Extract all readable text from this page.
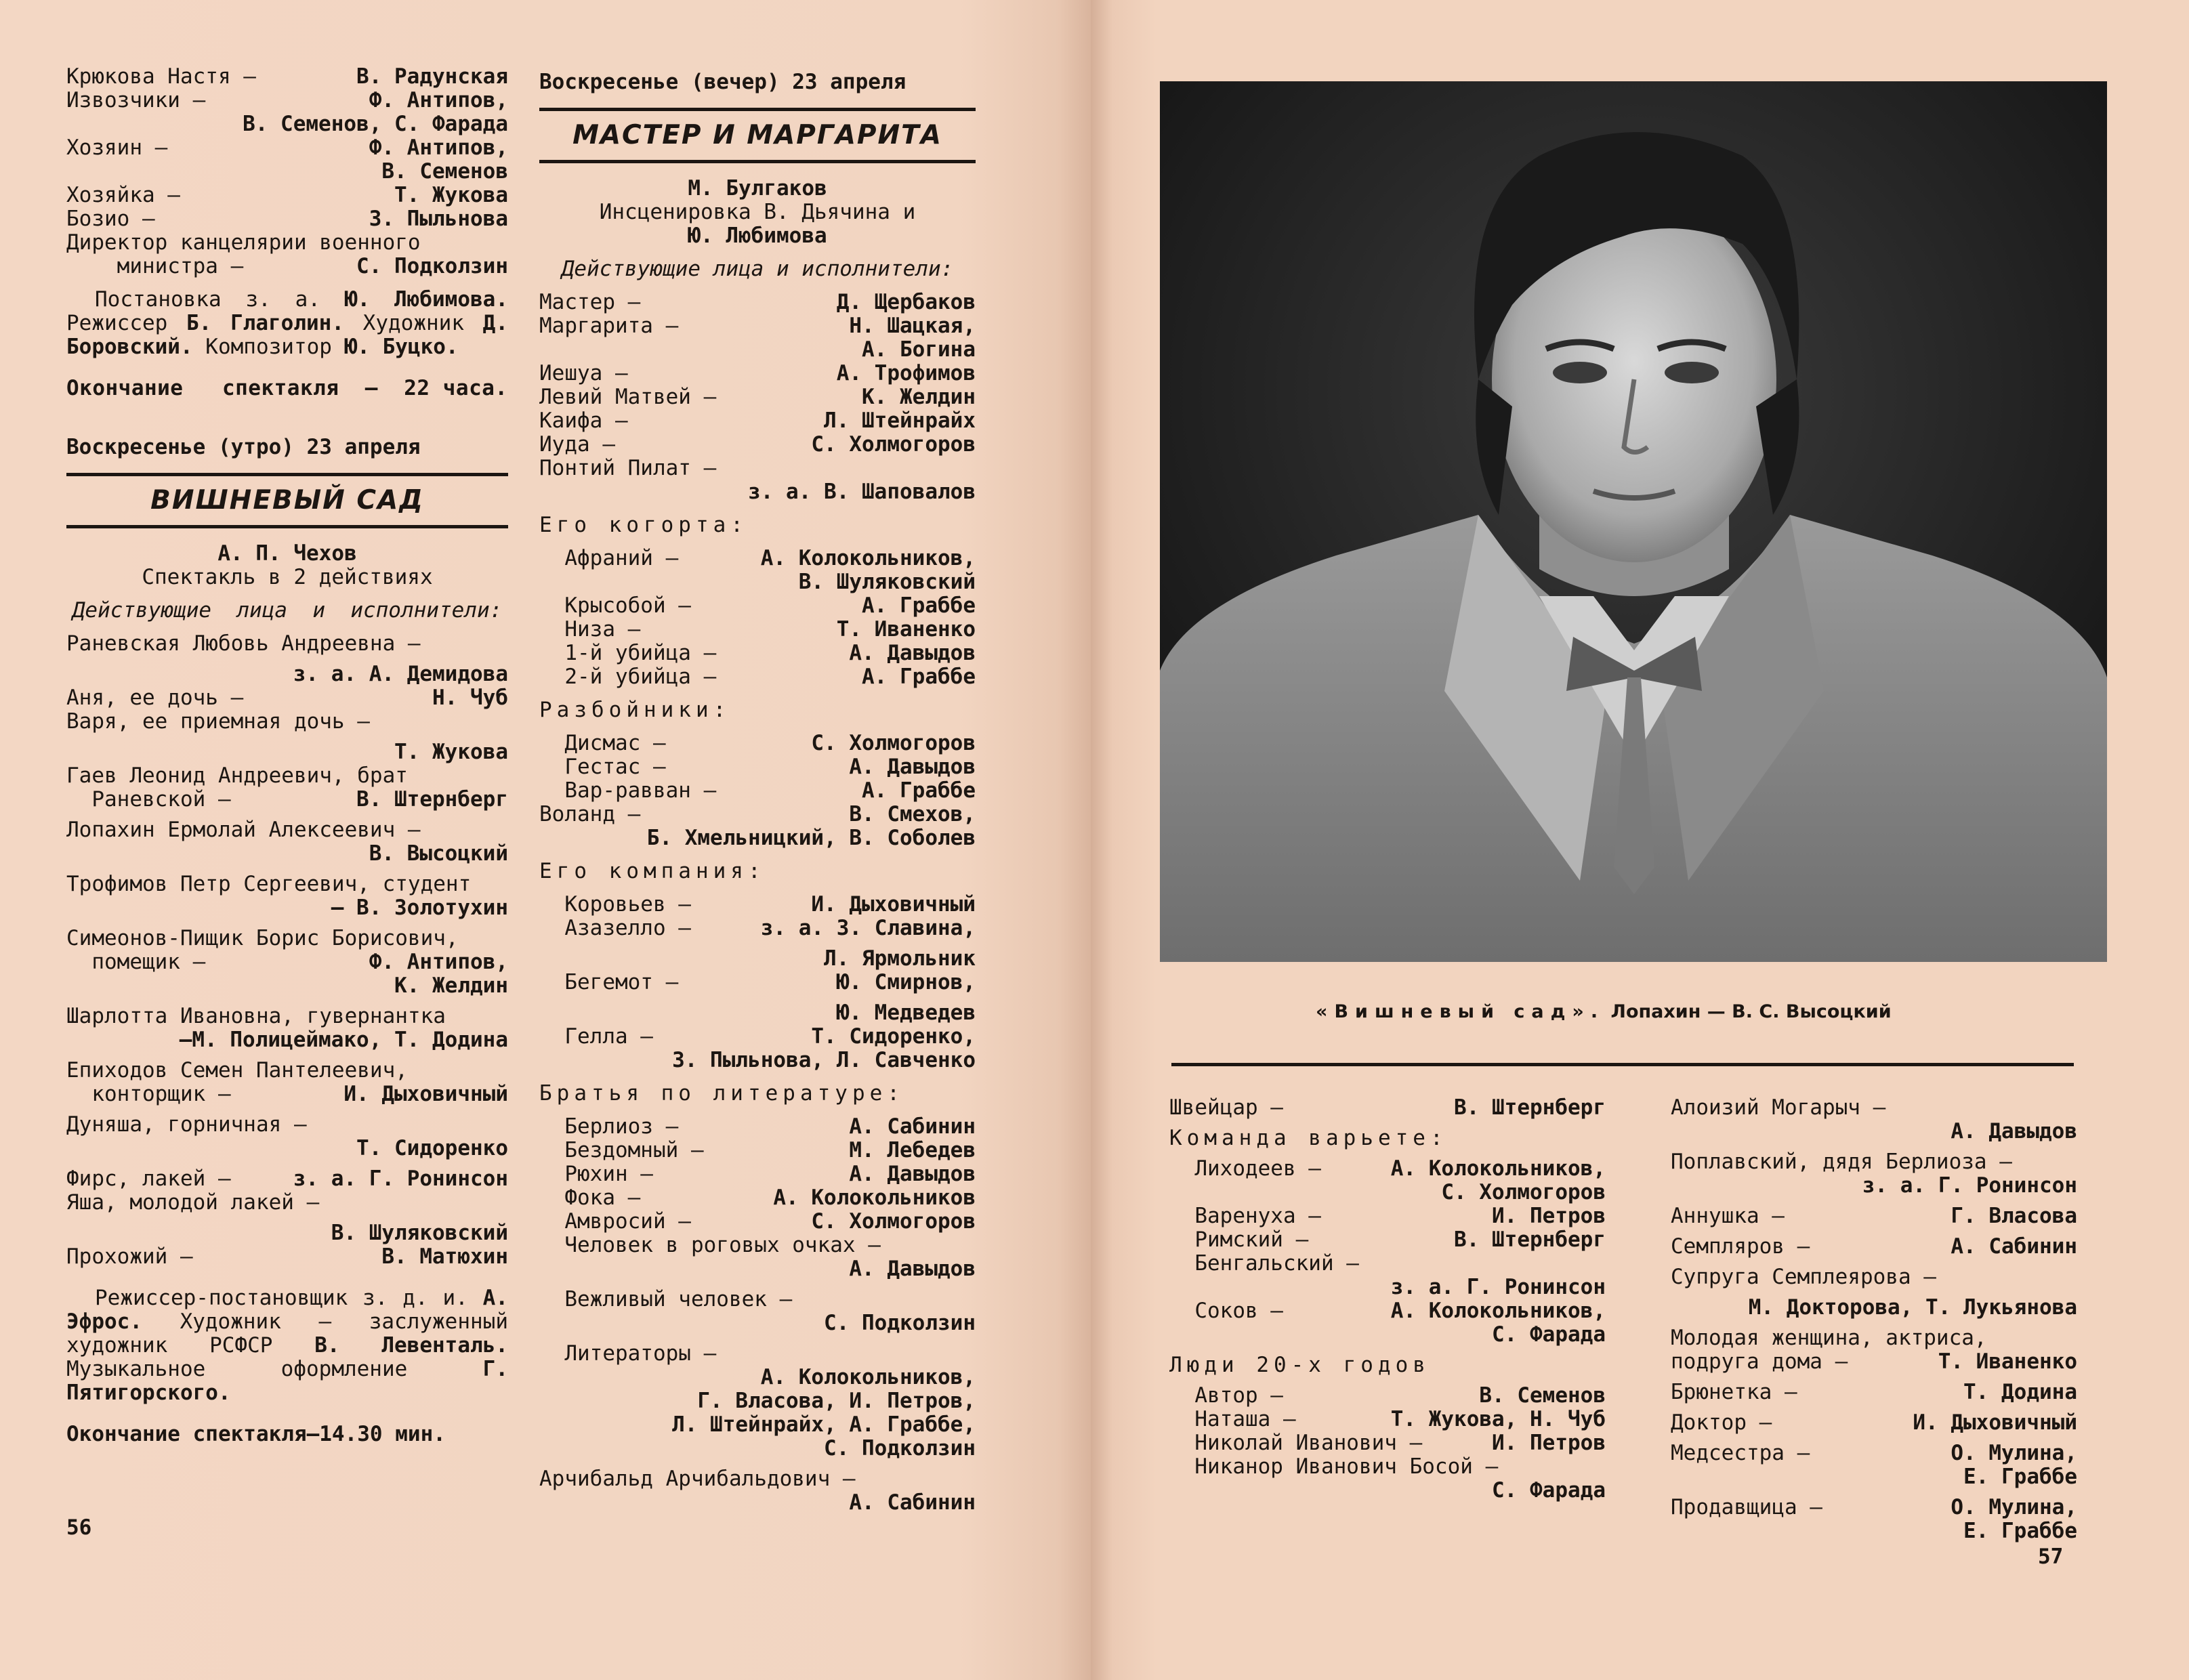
Крюкова Настя —	В. Радунская
Извозчики —	Ф. Антипов,
В. Семенов, С. Фарада
Хозяин —	Ф. Антипов,
В. Семенов
Хозяйка —	Т. Жукова
Бозио —	З. Пыльнова
Директор канцелярии военного
министра —	С. Подколзин
Постановка з. а. Ю. Любимова. Режиссер Б. Глаголин. Художник Д. Боровский. Композитор Ю. Буцко.
Окончание   спектакля  —  22 часа.
Воскресенье (утро) 23 апреля
ВИШНЕВЫЙ САД
А. П. Чехов
Спектакль в 2 действиях
Действующие  лица  и  исполнители:
Раневская Любовь Андреевна —
з. а. А. Демидова
Аня, ее дочь —	Н. Чуб
Варя, ее приемная дочь —
Т. Жукова
Гаев Леонид Андреевич, брат
Раневской —	В. Штернберг
Лопахин Ермолай Алексеевич —
В. Высоцкий
Трофимов Петр Сергеевич, студент
— В. Золотухин
Симеонов-Пищик Борис Борисович,
помещик —	Ф. Антипов,
К. Желдин
Шарлотта Ивановна, гувернантка
—М. Полицеймако, Т. Додина
Епиходов Семен Пантелеевич,
конторщик —	И. Дыховичный
Дуняша, горничная —
Т. Сидоренко
Фирс, лакей —	з. а. Г. Ронинсон
Яша, молодой лакей —
В. Шуляковский
Прохожий —	В. Матюхин
Режиссер-постановщик з. д. и. А. Эфрос. Художник — заслуженный художник РСФСР В. Левенталь. Музыкальное оформление Г. Пятигорского.
Окончание спектакля—14.30 мин.
56
Воскресенье (вечер) 23 апреля
МАСТЕР И МАРГАРИТА
М. Булгаков
Инсценировка В. Дьячина и
Ю. Любимова
Действующие лица и исполнители:
Мастер —	Д. Щербаков
Маргарита —	Н. Шацкая,
А. Богина
Иешуа —	А. Трофимов
Левий Матвей —	К. Желдин
Каифа —	Л. Штейнрайх
Иуда —	С. Холмогоров
Понтий Пилат —
з. а. В. Шаповалов
Его когорта:
Афраний —	А. Колокольников,
В. Шуляковский
Крысобой —	А. Граббе
Низа —	Т. Иваненко
1-й убийца —	А. Давыдов
2-й убийца —	А. Граббе
Разбойники:
Дисмас —	С. Холмогоров
Гестас —	А. Давыдов
Вар-равван —	А. Граббе
Воланд —	В. Смехов,
Б. Хмельницкий, В. Соболев
Его компания:
Коровьев —	И. Дыховичный
Азазелло —	з. а. З. Славина,
Л. Ярмольник
Бегемот —	Ю. Смирнов,
Ю. Медведев
Гелла —	Т. Сидоренко,
З. Пыльнова, Л. Савченко
Братья по литературе:
Берлиоз —	А. Сабинин
Бездомный —	М. Лебедев
Рюхин —	А. Давыдов
Фока —	А. Колокольников
Амвросий —	С. Холмогоров
Человек в роговых очках —
А. Давыдов
Вежливый человек —
С. Подколзин
Литераторы —
А. Колокольников,
Г. Власова, И. Петров,
Л. Штейнрайх, А. Граббе,
С. Подколзин
Арчибальд Арчибальдович —
А. Сабинин
«Вишневый сад». Лопахин — В. С. Высоцкий
Швейцар —	В. Штернберг
Команда варьете:
Лиходеев —	А. Колокольников,
С. Холмогоров
Варенуха —	И. Петров
Римский —	В. Штернберг
Бенгальский —
з. а. Г. Ронинсон
Соков —	А. Колокольников,
С. Фарада
Люди 20-х годов
Автор —	В. Семенов
Наташа —	Т. Жукова, Н. Чуб
Николай Иванович —	И. Петров
Никанор Иванович Босой —
С. Фарада
Алоизий Могарыч —
А. Давыдов
Поплавский, дядя Берлиоза —
з. а. Г. Ронинсон
Аннушка —	Г. Власова
Семпляров —	А. Сабинин
Супруга Семплеярова —
М. Докторова, Т. Лукьянова
Молодая женщина, актриса,
подруга дома —	Т. Иваненко
Брюнетка —	Т. Додина
Доктор —	И. Дыховичный
Медсестра —	О. Мулина,
Е. Граббе
Продавщица —	О. Мулина,
Е. Граббе
57
